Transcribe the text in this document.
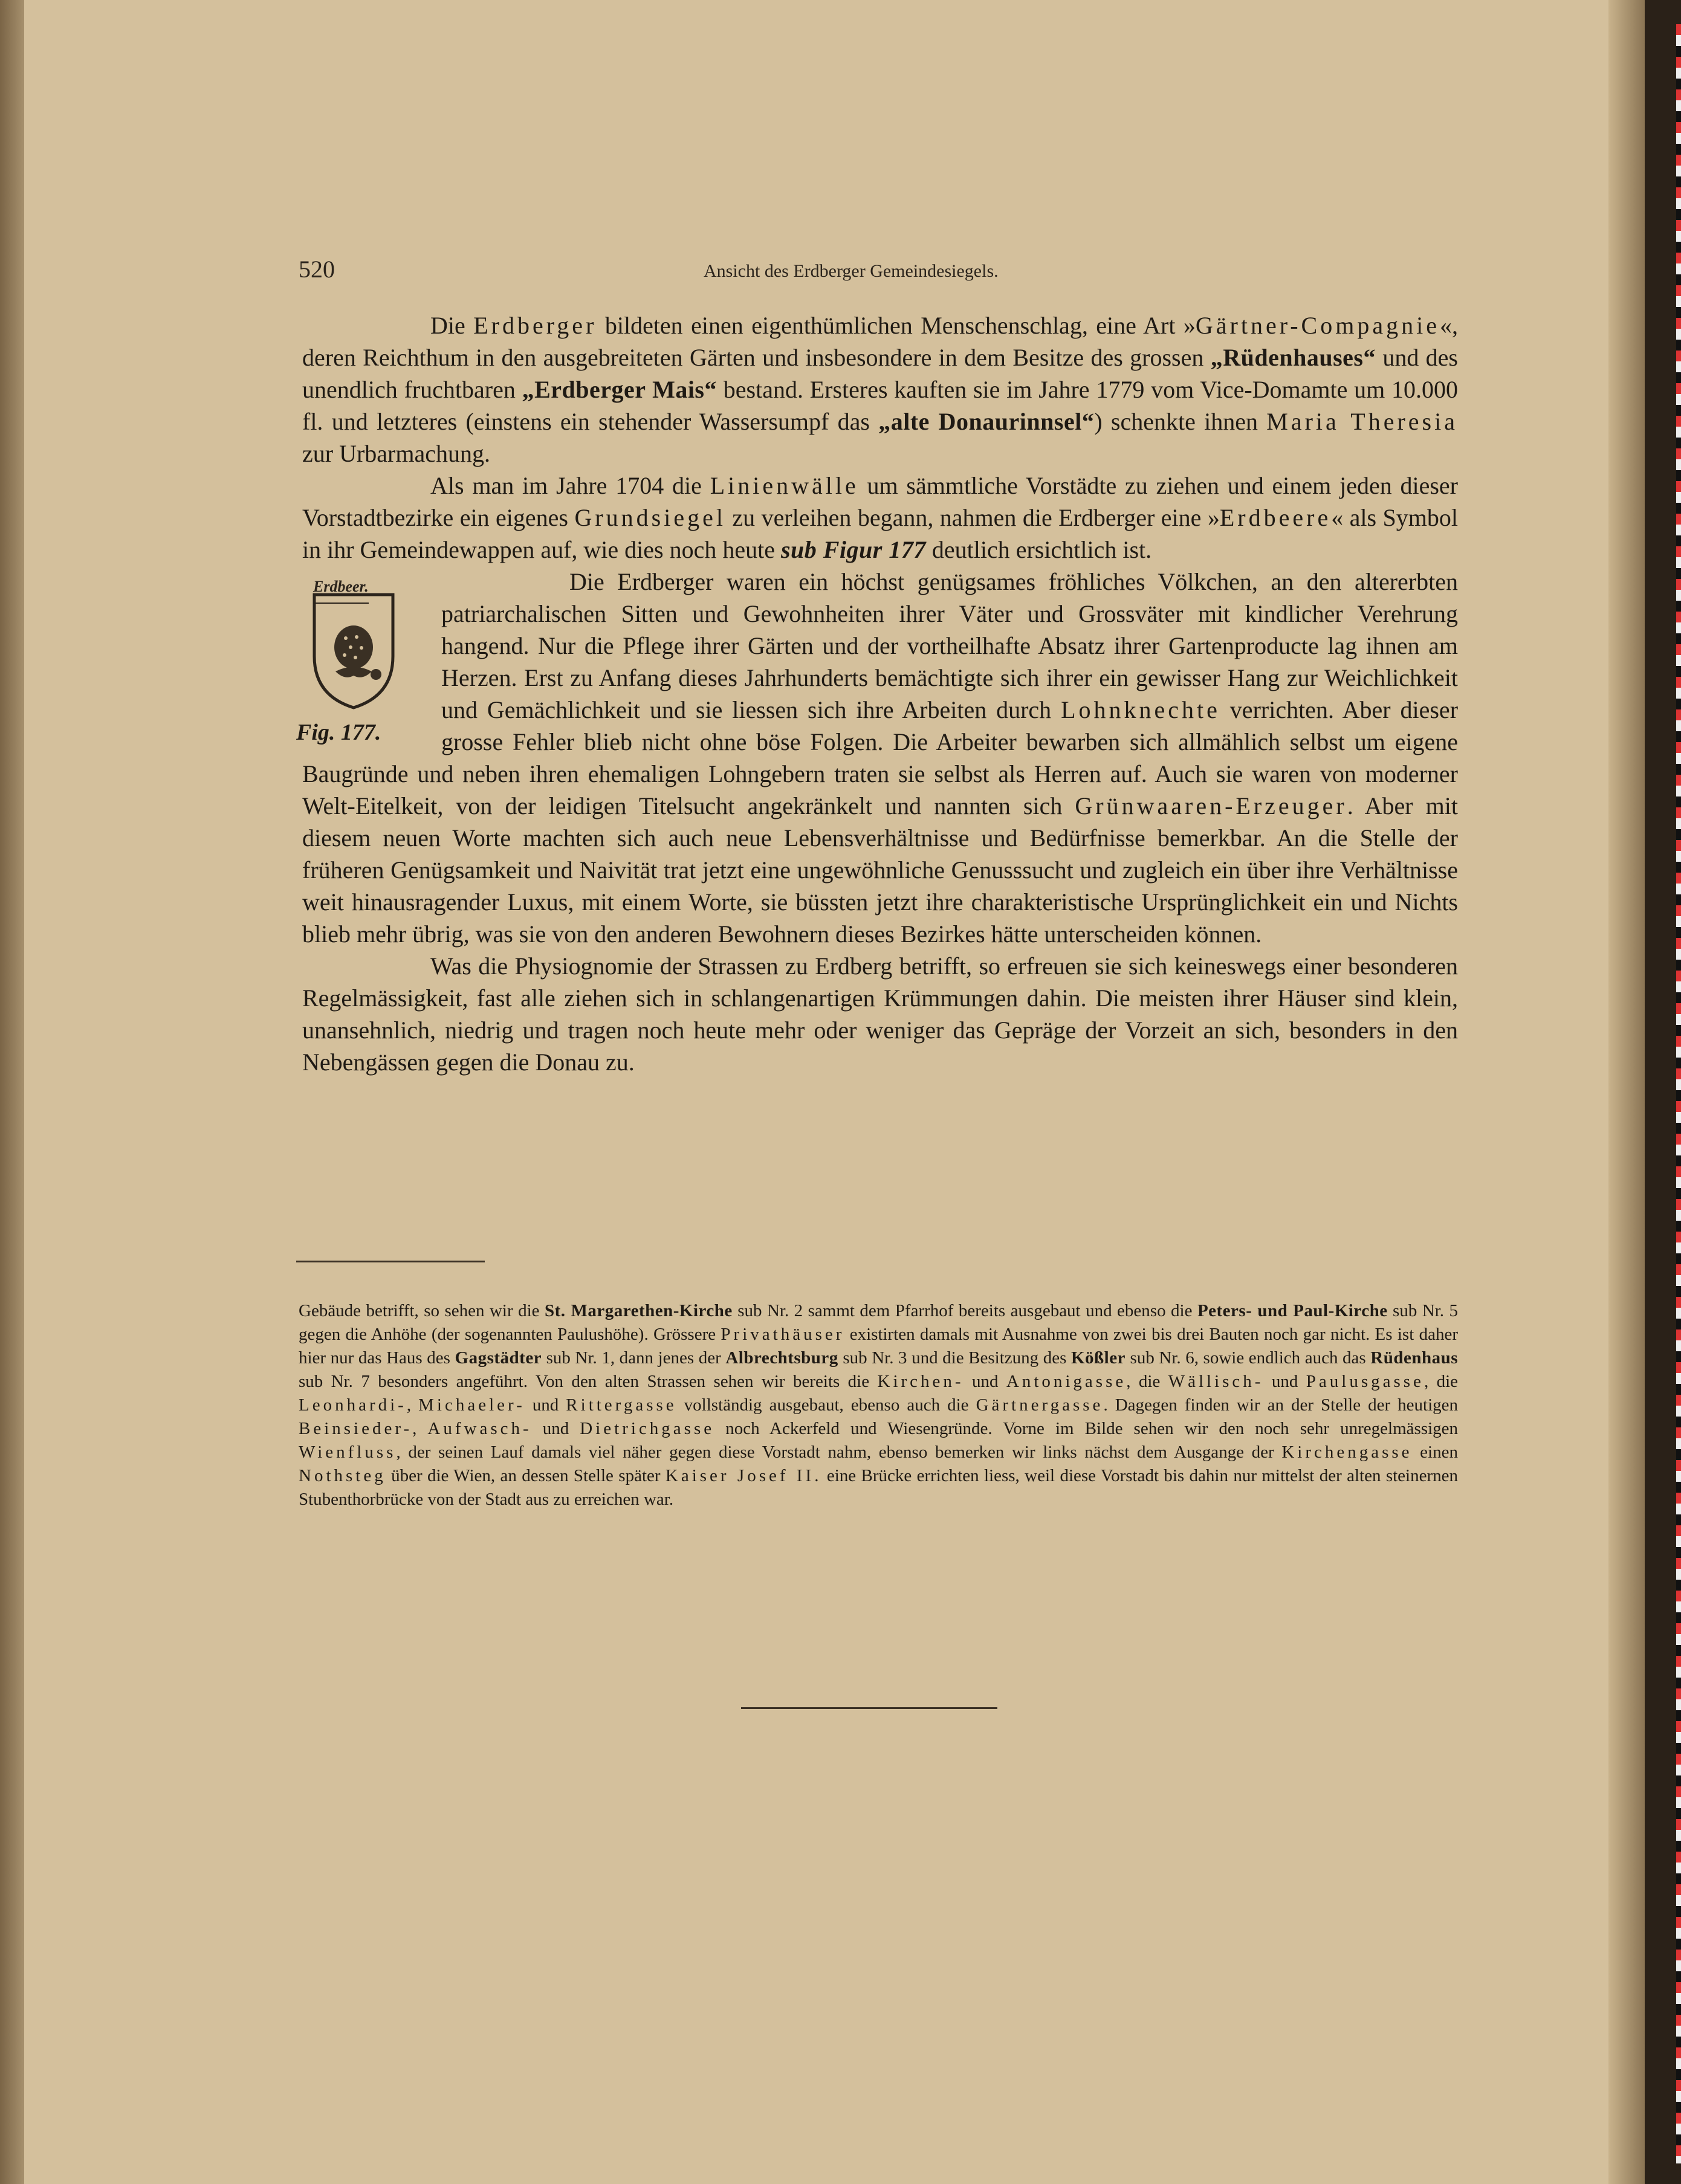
520	Ansicht des Erdberger Gemeindesiegels.

Die Erdberger bildeten einen eigenthümlichen Menschenschlag, eine Art »Gärtner-Compagnie«, deren Reichthum in den ausgebreiteten Gärten und insbesondere in dem Besitze des grossen „Rüdenhauses“ und des unendlich fruchtbaren „Erdberger Mais“ bestand. Ersteres kauften sie im Jahre 1779 vom Vice-Domamte um 10.000 fl. und letzteres (einstens ein stehender Wassersumpf das „alte Donaurinnsel“) schenkte ihnen Maria Theresia zur Urbarmachung.

Als man im Jahre 1704 die Linienwälle um sämmtliche Vorstädte zu ziehen und einem jeden dieser Vorstadtbezirke ein eigenes Grundsiegel zu verleihen begann, nahmen die Erdberger eine »Erdbeere« als Symbol in ihr Gemeindewappen auf, wie dies noch heute sub Figur 177 deutlich ersichtlich ist.

Erdbeer.
Fig. 177.
Die Erdberger waren ein höchst genügsames fröhliches Völkchen, an den altererbten patriarchalischen Sitten und Gewohnheiten ihrer Väter und Grossväter mit kindlicher Verehrung hangend. Nur die Pflege ihrer Gärten und der vortheilhafte Absatz ihrer Gartenproducte lag ihnen am Herzen. Erst zu Anfang dieses Jahrhunderts bemächtigte sich ihrer ein gewisser Hang zur Weichlichkeit und Gemächlichkeit und sie liessen sich ihre Arbeiten durch Lohnknechte verrichten. Aber dieser grosse Fehler blieb nicht ohne böse Folgen. Die Arbeiter bewarben sich allmählich selbst um eigene Baugründe und neben ihren ehemaligen Lohngebern traten sie selbst als Herren auf. Auch sie waren von moderner Welt-Eitelkeit, von der leidigen Titelsucht angekränkelt und nannten sich Grünwaaren-Erzeuger. Aber mit diesem neuen Worte machten sich auch neue Lebensverhältnisse und Bedürfnisse bemerkbar. An die Stelle der früheren Genügsamkeit und Naivität trat jetzt eine ungewöhnliche Genusssucht und zugleich ein über ihre Verhältnisse weit hinausragender Luxus, mit einem Worte, sie büssten jetzt ihre charakteristische Ursprünglichkeit ein und Nichts blieb mehr übrig, was sie von den anderen Bewohnern dieses Bezirkes hätte unterscheiden können.

Was die Physiognomie der Strassen zu Erdberg betrifft, so erfreuen sie sich keineswegs einer besonderen Regelmässigkeit, fast alle ziehen sich in schlangenartigen Krümmungen dahin. Die meisten ihrer Häuser sind klein, unansehnlich, niedrig und tragen noch heute mehr oder weniger das Gepräge der Vorzeit an sich, besonders in den Nebengässen gegen die Donau zu.

Gebäude betrifft, so sehen wir die St. Margarethen-Kirche sub Nr. 2 sammt dem Pfarrhof bereits ausgebaut und ebenso die Peters- und Paul-Kirche sub Nr. 5 gegen die Anhöhe (der sogenannten Paulushöhe). Grössere Privathäuser existirten damals mit Ausnahme von zwei bis drei Bauten noch gar nicht. Es ist daher hier nur das Haus des Gagstädter sub Nr. 1, dann jenes der Albrechtsburg sub Nr. 3 und die Besitzung des Kößler sub Nr. 6, sowie endlich auch das Rüdenhaus sub Nr. 7 besonders angeführt. Von den alten Strassen sehen wir bereits die Kirchen- und Antonigasse, die Wällisch- und Paulusgasse, die Leonhardi-, Michaeler- und Rittergasse vollständig ausgebaut, ebenso auch die Gärtnergasse. Dagegen finden wir an der Stelle der heutigen Beinsieder-, Aufwasch- und Dietrichgasse noch Ackerfeld und Wiesengründe. Vorne im Bilde sehen wir den noch sehr unregelmässigen Wienfluss, der seinen Lauf damals viel näher gegen diese Vorstadt nahm, ebenso bemerken wir links nächst dem Ausgange der Kirchengasse einen Nothsteg über die Wien, an dessen Stelle später Kaiser Josef II. eine Brücke errichten liess, weil diese Vorstadt bis dahin nur mittelst der alten steinernen Stubenthorbrücke von der Stadt aus zu erreichen war.
